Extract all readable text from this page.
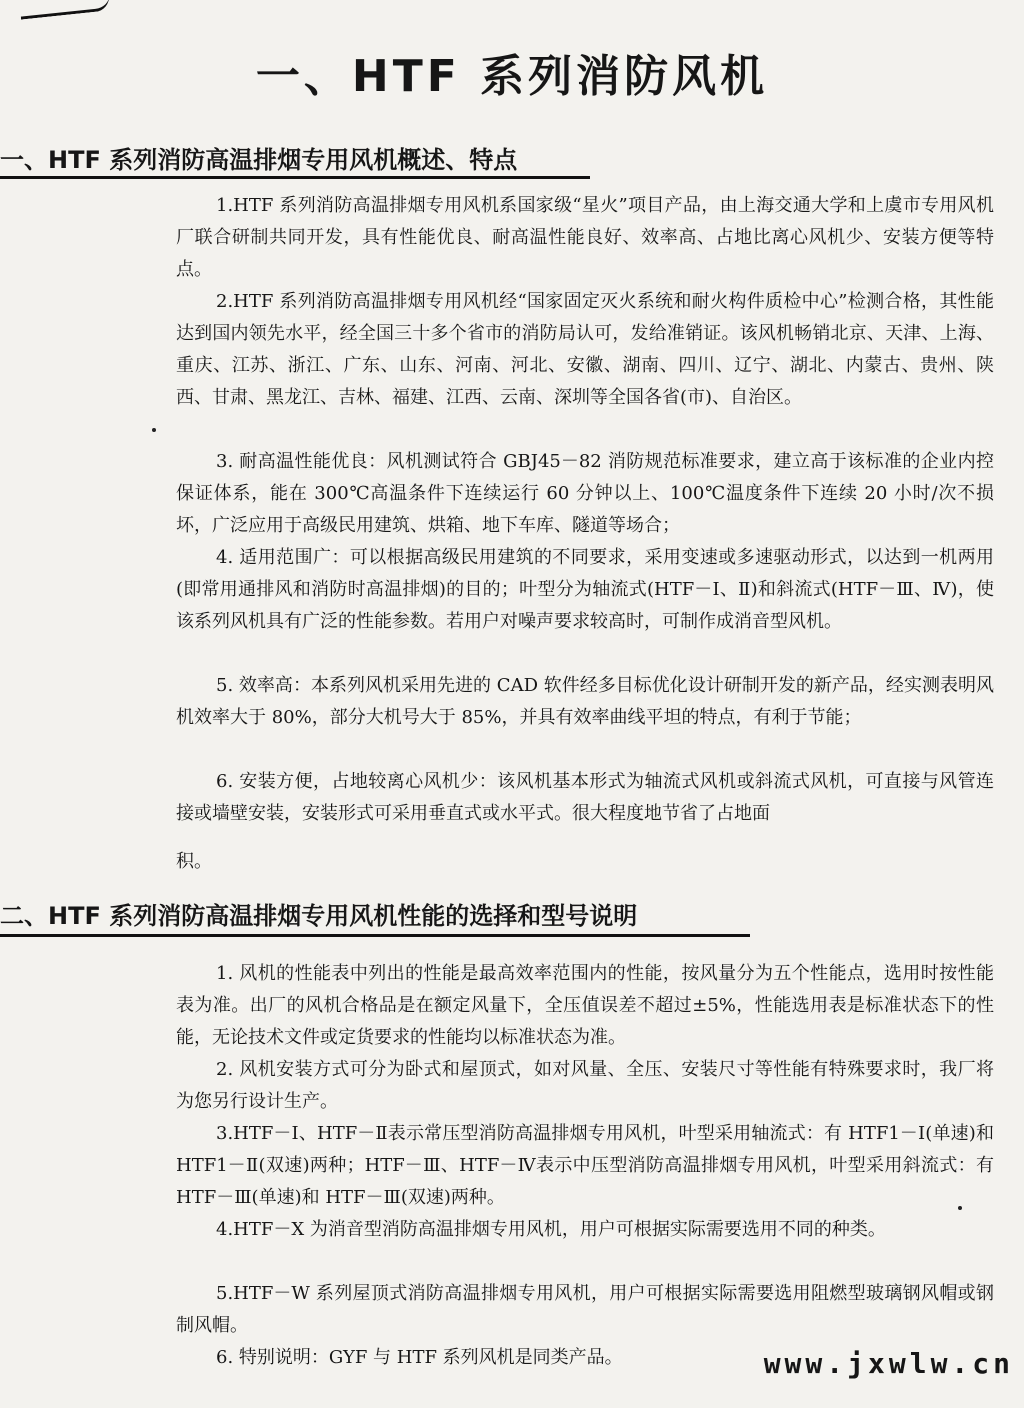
一、HTF 系列消防风机
一、HTF 系列消防高温排烟专用风机概述、特点
1.HTF 系列消防高温排烟专用风机系国家级“星火”项目产品，由上海交通大学和上虞市专用风机厂联合研制共同开发，具有性能优良、耐高温性能良好、效率高、占地比离心风机少、安装方便等特点。
2.HTF 系列消防高温排烟专用风机经“国家固定灭火系统和耐火构件质检中心”检测合格，其性能达到国内领先水平，经全国三十多个省市的消防局认可，发给准销证。该风机畅销北京、天津、上海、重庆、江苏、浙江、广东、山东、河南、河北、安徽、湖南、四川、辽宁、湖北、内蒙古、贵州、陕西、甘肃、黑龙江、吉林、福建、江西、云南、深圳等全国各省(市)、自治区。
3. 耐高温性能优良：风机测试符合 GBJ45－82 消防规范标准要求，建立高于该标准的企业内控保证体系，能在 300℃高温条件下连续运行 60 分钟以上、100℃温度条件下连续 20 小时/次不损坏，广泛应用于高级民用建筑、烘箱、地下车库、隧道等场合；
4. 适用范围广：可以根据高级民用建筑的不同要求，采用变速或多速驱动形式，以达到一机两用(即常用通排风和消防时高温排烟)的目的；叶型分为轴流式(HTF－Ⅰ、Ⅱ)和斜流式(HTF－Ⅲ、Ⅳ)，使该系列风机具有广泛的性能参数。若用户对噪声要求较高时，可制作成消音型风机。
5. 效率高：本系列风机采用先进的 CAD 软件经多目标优化设计研制开发的新产品，经实测表明风机效率大于 80%，部分大机号大于 85%，并具有效率曲线平坦的特点，有利于节能；
6. 安装方便，占地较离心风机少：该风机基本形式为轴流式风机或斜流式风机，可直接与风管连接或墙壁安装，安装形式可采用垂直式或水平式。很大程度地节省了占地面
积。
二、HTF 系列消防高温排烟专用风机性能的选择和型号说明
1. 风机的性能表中列出的性能是最高效率范围内的性能，按风量分为五个性能点，选用时按性能表为准。出厂的风机合格品是在额定风量下，全压值误差不超过±5%，性能选用表是标准状态下的性能，无论技术文件或定货要求的性能均以标准状态为准。
2. 风机安装方式可分为卧式和屋顶式，如对风量、全压、安装尺寸等性能有特殊要求时，我厂将为您另行设计生产。
3.HTF－Ⅰ、HTF－Ⅱ表示常压型消防高温排烟专用风机，叶型采用轴流式：有 HTF1－Ⅰ(单速)和 HTF1－Ⅱ(双速)两种；HTF－Ⅲ、HTF－Ⅳ表示中压型消防高温排烟专用风机，叶型采用斜流式：有 HTF－Ⅲ(单速)和 HTF－Ⅲ(双速)两种。
4.HTF－X 为消音型消防高温排烟专用风机，用户可根据实际需要选用不同的种类。
5.HTF－W 系列屋顶式消防高温排烟专用风机，用户可根据实际需要选用阻燃型玻璃钢风帽或钢制风帽。
6. 特别说明：GYF 与 HTF 系列风机是同类产品。	www.jxwlw.cn
